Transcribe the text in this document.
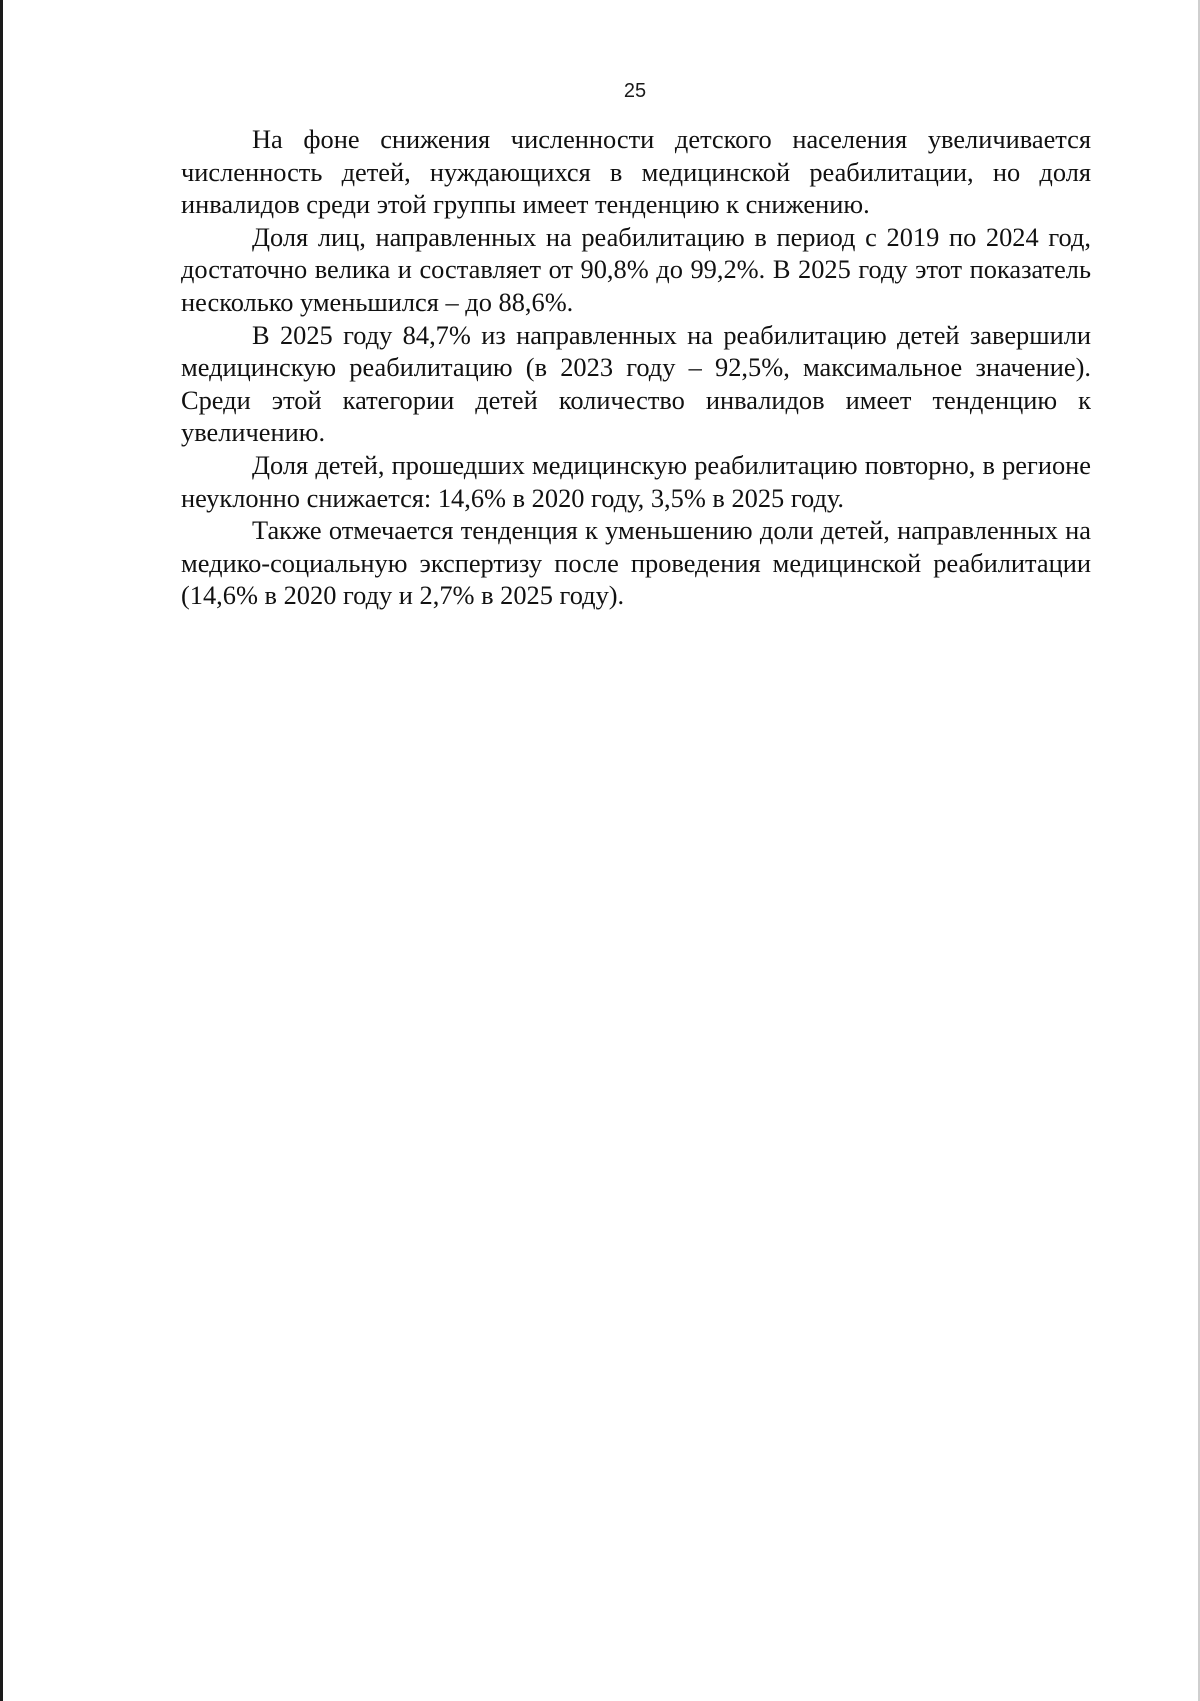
25

На фоне снижения численности детского населения увеличивается численность детей, нуждающихся в медицинской реабилитации, но доля инвалидов среди этой группы имеет тенденцию к снижению.

Доля лиц, направленных на реабилитацию в период с 2019 по 2024 год, достаточно велика и составляет от 90,8% до 99,2%. В 2025 году этот показатель несколько уменьшился – до 88,6%.

В 2025 году 84,7% из направленных на реабилитацию детей завершили медицинскую реабилитацию (в 2023 году – 92,5%, максимальное значение). Среди этой категории детей количество инвалидов имеет тенденцию к увеличению.

Доля детей, прошедших медицинскую реабилитацию повторно, в регионе неуклонно снижается: 14,6% в 2020 году, 3,5% в 2025 году.

Также отмечается тенденция к уменьшению доли детей, направленных на медико-социальную экспертизу после проведения медицинской реабилитации (14,6% в 2020 году и 2,7% в 2025 году).
